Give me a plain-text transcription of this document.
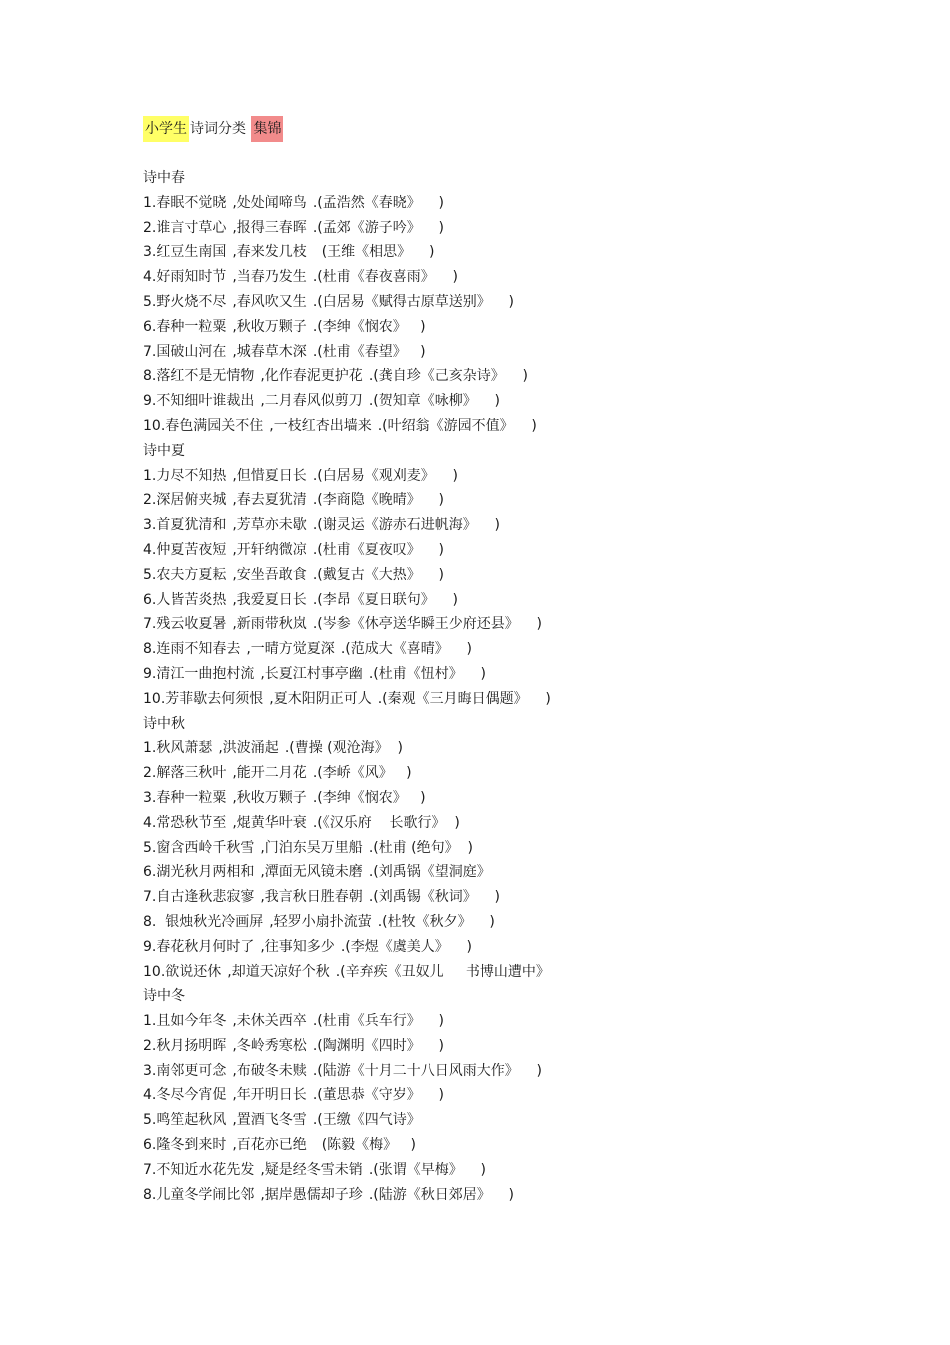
小学生 诗词分类 集锦
诗中春
1.春眠不觉晓 ,处处闻啼鸟 .(孟浩然《春晓》    )
2.谁言寸草心 ,报得三春晖 .(孟郊《游子吟》    )
3.红豆生南国 ,春来发几枝  (王维《相思》    )
4.好雨知时节 ,当春乃发生 .(杜甫《春夜喜雨》    )
5.野火烧不尽 ,春风吹又生 .(白居易《赋得古原草送别》    )
6.春种一粒粟 ,秋收万颗子 .(李绅《悯农》   )
7.国破山河在 ,城春草木深 .(杜甫《春望》   )
8.落红不是无情物 ,化作春泥更护花 .(龚自珍《己亥杂诗》    )
9.不知细叶谁裁出 ,二月春风似剪刀 .(贺知章《咏柳》    )
10.春色满园关不住 ,一枝红杏出墙来 .(叶绍翁《游园不值》    )
诗中夏
1.力尽不知热 ,但惜夏日长 .(白居易《观刈麦》    )
2.深居俯夹城 ,春去夏犹清 .(李商隐《晚晴》    )
3.首夏犹清和 ,芳草亦未歇 .(谢灵运《游赤石进帆海》    )
4.仲夏苦夜短 ,开轩纳微凉 .(杜甫《夏夜叹》    )
5.农夫方夏耘 ,安坐吾敢食 .(戴复古《大热》    )
6.人皆苦炎热 ,我爱夏日长 .(李昂《夏日联句》    )
7.残云收夏暑 ,新雨带秋岚 .(岑参《休亭送华瞬王少府还县》    )
8.连雨不知春去 ,一晴方觉夏深 .(范成大《喜晴》    )
9.清江一曲抱村流 ,长夏江村事亭幽 .(杜甫《忸村》    )
10.芳菲歇去何须恨 ,夏木阳阴正可人 .(秦观《三月晦日偶题》    )
诗中秋
1.秋风萧瑟 ,洪波涌起 .(曹操 (观沧海》  )
2.解落三秋叶 ,能开二月花 .(李峤《风》   )
3.春种一粒粟 ,秋收万颗子 .(李绅《悯农》   )
4.常恐秋节至 ,焜黄华叶衰 .(《汉乐府    长歌行》  )
5.窗含西岭千秋雪 ,门泊东吴万里船 .(杜甫 (绝句》  )
6.湖光秋月两相和 ,潭面无风镜未磨 .(刘禹锅《望洞庭》
7.自古逢秋悲寂寥 ,我言秋日胜春朝 .(刘禹锡《秋词》    )
8.  银烛秋光冷画屏 ,轻罗小扇扑流萤 .(杜牧《秋夕》    )
9.春花秋月何时了 ,往事知多少 .(李煜《虞美人》    )
10.欲说还休 ,却道天凉好个秋 .(辛弃疾《丑奴儿     书博山遭中》
诗中冬
1.且如今年冬 ,未休关西卒 .(杜甫《兵车行》    )
2.秋月扬明晖 ,冬岭秀寒松 .(陶渊明《四时》    )
3.南邻更可念 ,布破冬未赎 .(陆游《十月二十八日风雨大作》    )
4.冬尽今宵促 ,年开明日长 .(董思恭《守岁》    )
5.鸣笙起秋风 ,置酒飞冬雪 .(王缴《四气诗》
6.隆冬到来时 ,百花亦已绝  (陈毅《梅》   )
7.不知近水花先发 ,疑是经冬雪未销 .(张谓《早梅》    )
8.儿童冬学闹比邻 ,据岸愚儒却子珍 .(陆游《秋日郊居》    )
